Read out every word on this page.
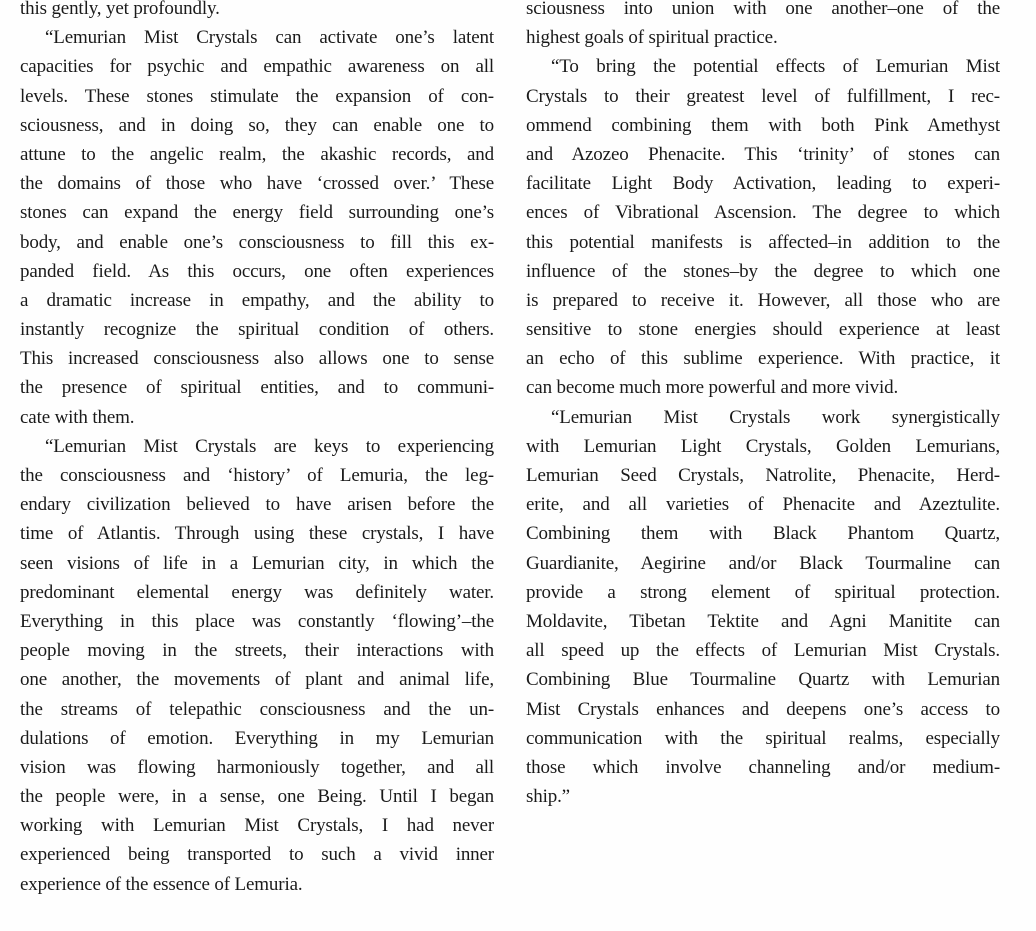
this gently, yet profoundly.
“Lemurian Mist Crystals can activate one’s latent
capacities for psychic and empathic awareness on all
levels. These stones stimulate the expansion of con-
sciousness, and in doing so, they can enable one to
attune to the angelic realm, the akashic records, and
the domains of those who have ‘crossed over.’ These
stones can expand the energy field surrounding one’s
body, and enable one’s consciousness to fill this ex-
panded field. As this occurs, one often experiences
a dramatic increase in empathy, and the ability to
instantly recognize the spiritual condition of others.
This increased consciousness also allows one to sense
the presence of spiritual entities, and to communi-
cate with them.
“Lemurian Mist Crystals are keys to experiencing
the consciousness and ‘history’ of Lemuria, the leg-
endary civilization believed to have arisen before the
time of Atlantis. Through using these crystals, I have
seen visions of life in a Lemurian city, in which the
predominant elemental energy was definitely water.
Everything in this place was constantly ‘flowing’–the
people moving in the streets, their interactions with
one another, the movements of plant and animal life,
the streams of telepathic consciousness and the un-
dulations of emotion. Everything in my Lemurian
vision was flowing harmoniously together, and all
the people were, in a sense, one Being. Until I began
working with Lemurian Mist Crystals, I had never
experienced being transported to such a vivid inner
experience of the essence of Lemuria.
sciousness into union with one another–one of the
highest goals of spiritual practice.
“To bring the potential effects of Lemurian Mist
Crystals to their greatest level of fulfillment, I rec-
ommend combining them with both Pink Amethyst
and Azozeo Phenacite. This ‘trinity’ of stones can
facilitate Light Body Activation, leading to experi-
ences of Vibrational Ascension. The degree to which
this potential manifests is affected–in addition to the
influence of the stones–by the degree to which one
is prepared to receive it. However, all those who are
sensitive to stone energies should experience at least
an echo of this sublime experience. With practice, it
can become much more powerful and more vivid.
“Lemurian Mist Crystals work synergistically
with Lemurian Light Crystals, Golden Lemurians,
Lemurian Seed Crystals, Natrolite, Phenacite, Herd-
erite, and all varieties of Phenacite and Azeztulite.
Combining them with Black Phantom Quartz,
Guardianite, Aegirine and/or Black Tourmaline can
provide a strong element of spiritual protection.
Moldavite, Tibetan Tektite and Agni Manitite can
all speed up the effects of Lemurian Mist Crystals.
Combining Blue Tourmaline Quartz with Lemurian
Mist Crystals enhances and deepens one’s access to
communication with the spiritual realms, especially
those which involve channeling and/or medium-
ship.”
